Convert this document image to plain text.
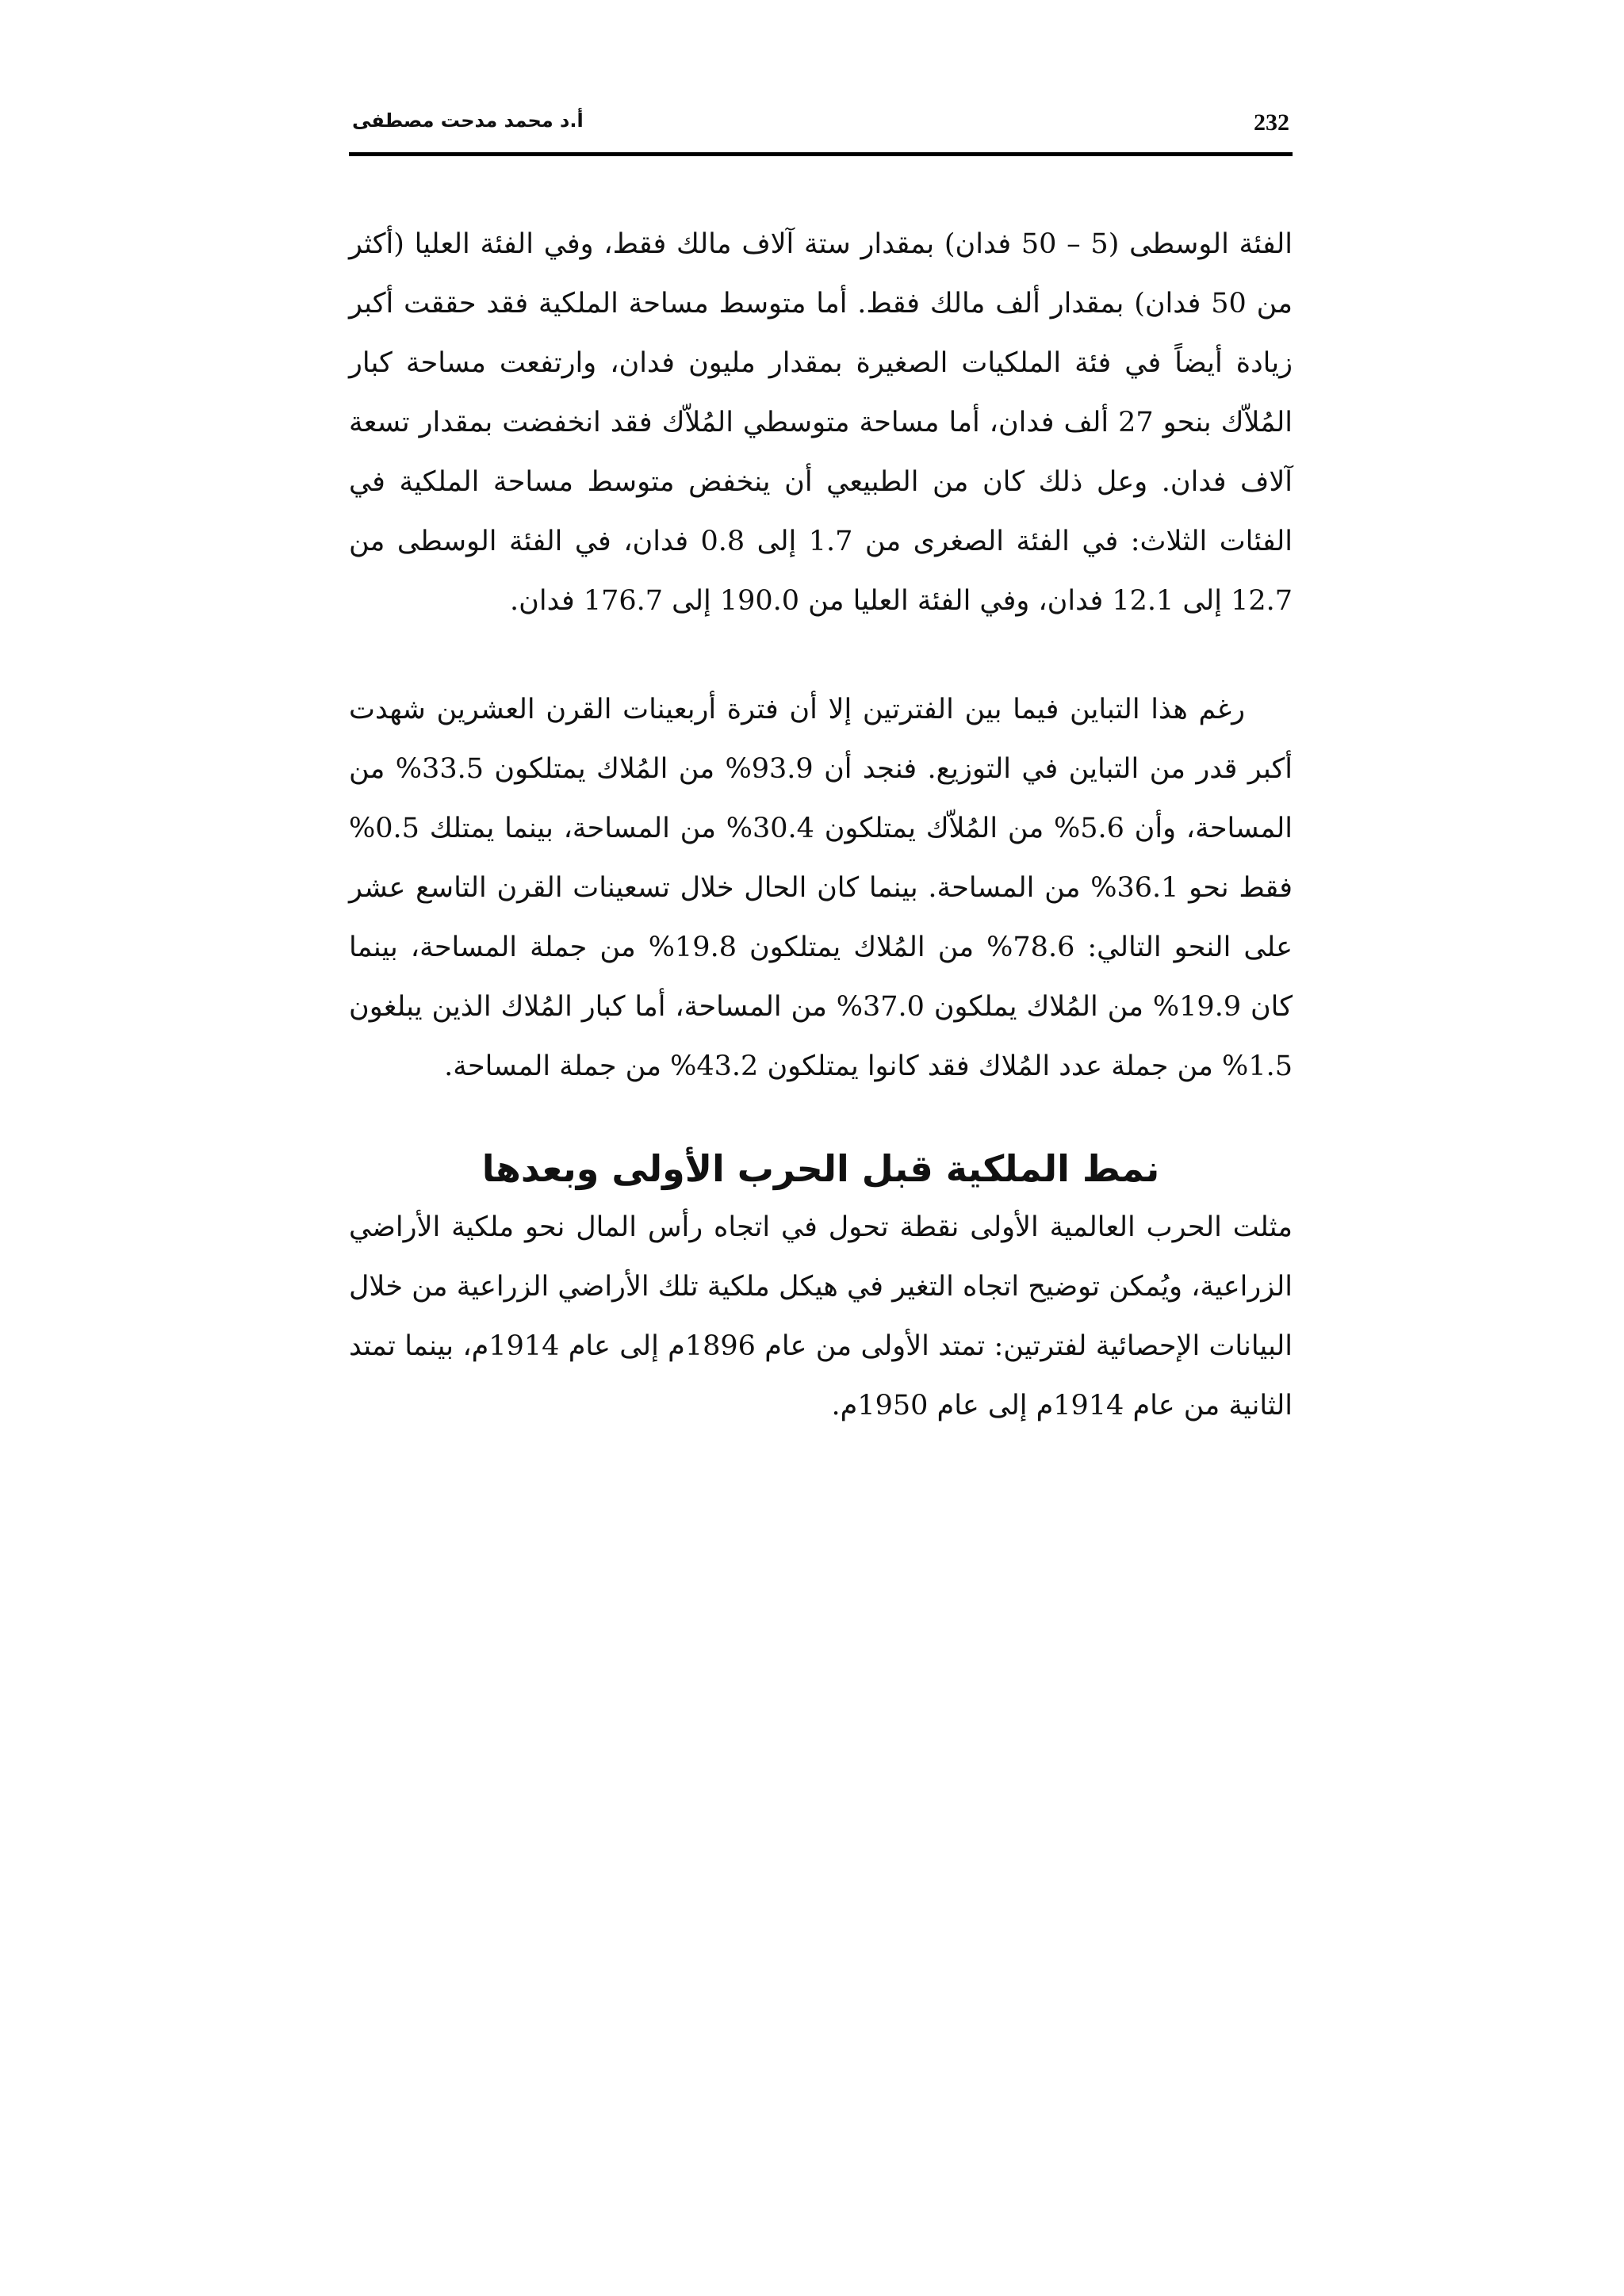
232
أ.د محمد مدحت مصطفى

الفئة الوسطى (5 – 50 فدان) بمقدار ستة آلاف مالك فقط، وفي الفئة العليا (أكثر من 50 فدان) بمقدار ألف مالك فقط. أما متوسط مساحة الملكية فقد حققت أكبر زيادة أيضاً في فئة الملكيات الصغيرة بمقدار مليون فدان، وارتفعت مساحة كبار المُلاّك بنحو 27 ألف فدان، أما مساحة متوسطي المُلاّك فقد انخفضت بمقدار تسعة آلاف فدان. وعل ذلك كان من الطبيعي أن ينخفض متوسط مساحة الملكية في الفئات الثلاث: في الفئة الصغرى من 1.7 إلى 0.8 فدان، في الفئة الوسطى من 12.7 إلى 12.1 فدان، وفي الفئة العليا من 190.0 إلى 176.7 فدان.

رغم هذا التباين فيما بين الفترتين إلا أن فترة أربعينات القرن العشرين شهدت أكبر قدر من التباين في التوزيع. فنجد أن 93.9% من المُلاك يمتلكون 33.5% من المساحة، وأن 5.6% من المُلاّك يمتلكون 30.4% من المساحة، بينما يمتلك 0.5% فقط نحو 36.1% من المساحة. بينما كان الحال خلال تسعينات القرن التاسع عشر على النحو التالي: 78.6% من المُلاك يمتلكون 19.8% من جملة المساحة، بينما كان 19.9% من المُلاك يملكون 37.0% من المساحة، أما كبار المُلاك الذين يبلغون 1.5% من جملة عدد المُلاك فقد كانوا يمتلكون 43.2% من جملة المساحة.

نمط الملكية قبل الحرب الأولى وبعدها

مثلت الحرب العالمية الأولى نقطة تحول في اتجاه رأس المال نحو ملكية الأراضي الزراعية، ويُمكن توضيح اتجاه التغير في هيكل ملكية تلك الأراضي الزراعية من خلال البيانات الإحصائية لفترتين: تمتد الأولى من عام 1896م إلى عام 1914م، بينما تمتد الثانية من عام 1914م إلى عام 1950م.
